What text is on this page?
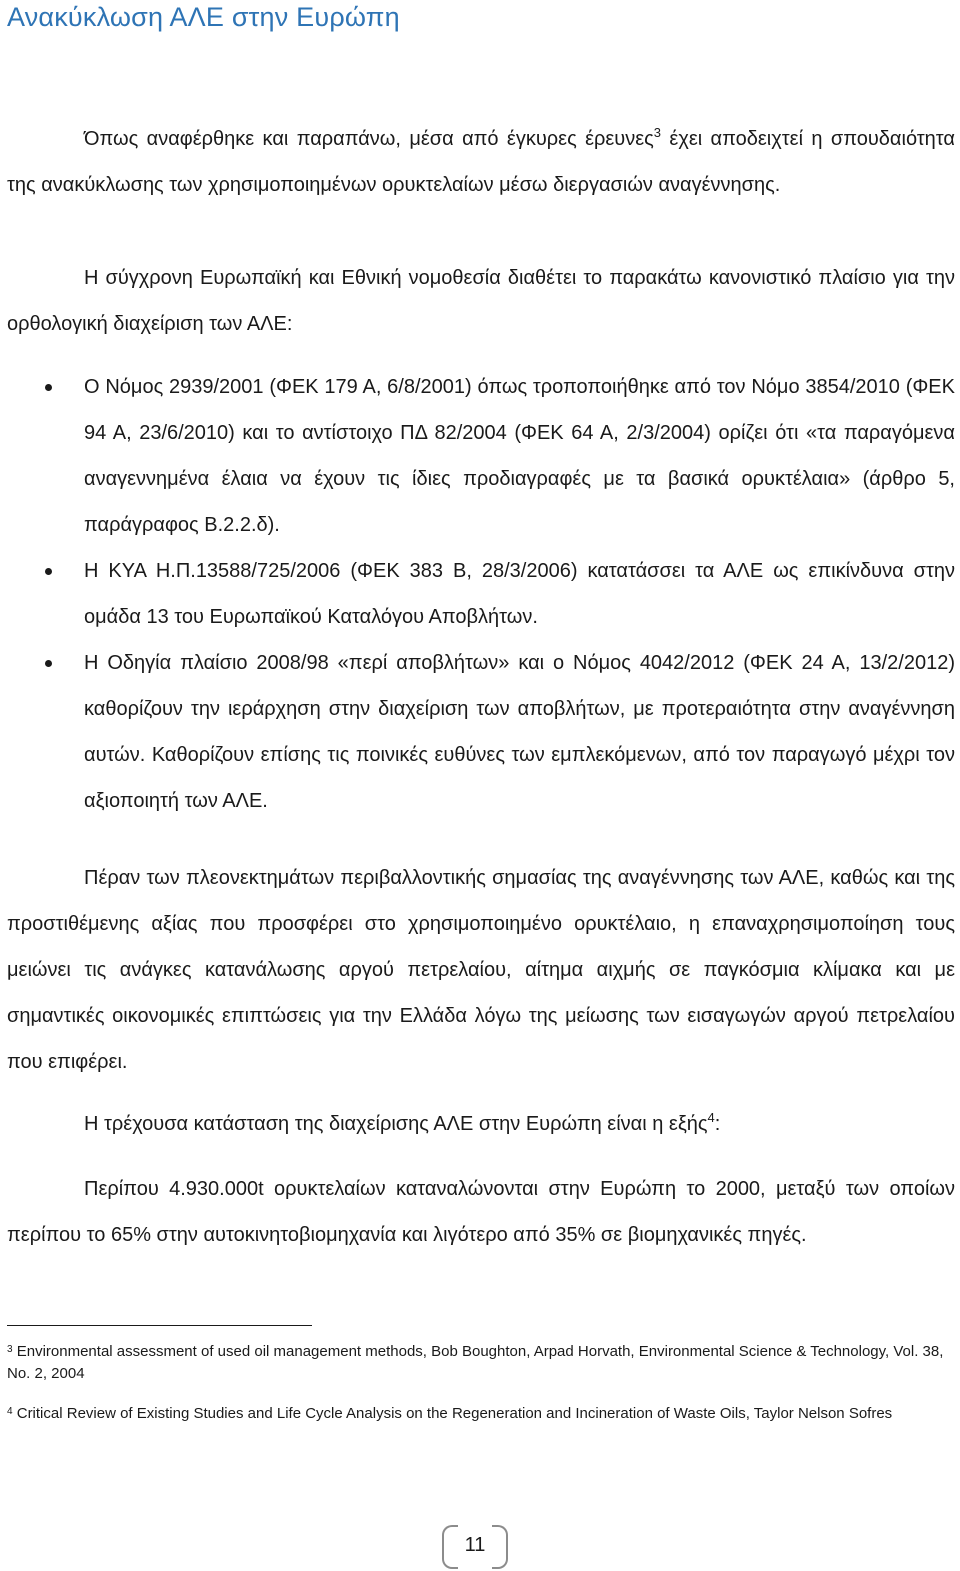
Ανακύκλωση ΑΛΕ στην Ευρώπη

Όπως αναφέρθηκε και παραπάνω, μέσα από έγκυρες έρευνες$^3$ έχει αποδειχτεί η σπουδαιότητα της ανακύκλωσης των χρησιμοποιημένων ορυκτελαίων μέσω διεργασιών αναγέννησης.

Η σύγχρονη Ευρωπαϊκή και Εθνική νομοθεσία διαθέτει το παρακάτω κανονιστικό πλαίσιο για την ορθολογική διαχείριση των ΑΛΕ:

Ο Νόμος 2939/2001 (ΦΕΚ 179 Α, 6/8/2001) όπως τροποποιήθηκε από τον Νόμο 3854/2010 (ΦΕΚ 94 Α, 23/6/2010) και το αντίστοιχο ΠΔ 82/2004 (ΦΕΚ 64 Α, 2/3/2004) ορίζει ότι «τα παραγόμενα αναγεννημένα έλαια να έχουν τις ίδιες προδιαγραφές με τα βασικά ορυκτέλαια» (άρθρο 5, παράγραφος Β.2.2.δ).
Η ΚΥΑ Η.Π.13588/725/2006 (ΦΕΚ 383 Β, 28/3/2006) κατατάσσει τα ΑΛΕ ως επικίνδυνα στην ομάδα 13 του Ευρωπαϊκού Καταλόγου Αποβλήτων.
Η Οδηγία πλαίσιο 2008/98 «περί αποβλήτων» και ο Νόμος 4042/2012 (ΦΕΚ 24 Α, 13/2/2012) καθορίζουν την ιεράρχηση στην διαχείριση των αποβλήτων, με προτεραιότητα στην αναγέννηση αυτών. Καθορίζουν επίσης τις ποινικές ευθύνες των εμπλεκόμενων, από τον παραγωγό μέχρι τον αξιοποιητή των ΑΛΕ.

Πέραν των πλεονεκτημάτων περιβαλλοντικής σημασίας της αναγέννησης των ΑΛΕ, καθώς και της προστιθέμενης αξίας που προσφέρει στο χρησιμοποιημένο ορυκτέλαιο, η επαναχρησιμοποίηση τους μειώνει τις ανάγκες κατανάλωσης αργού πετρελαίου, αίτημα αιχμής σε παγκόσμια κλίμακα και με σημαντικές οικονομικές επιπτώσεις για την Ελλάδα λόγω της μείωσης των εισαγωγών αργού πετρελαίου που επιφέρει.

Η τρέχουσα κατάσταση της διαχείρισης ΑΛΕ στην Ευρώπη είναι η εξής$^4$:

Περίπου 4.930.000t ορυκτελαίων καταναλώνονται στην Ευρώπη το 2000, μεταξύ των οποίων περίπου το 65% στην αυτοκινητοβιομηχανία και λιγότερο από 35% σε βιομηχανικές πηγές.

$^3$ Environmental assessment of used oil management methods, Bob Boughton, Arpad Horvath, Environmental Science & Technology, Vol. 38, No. 2, 2004

$^4$ Critical Review of Existing Studies and Life Cycle Analysis on the Regeneration and Incineration of Waste Oils, Taylor Nelson Sofres

11
